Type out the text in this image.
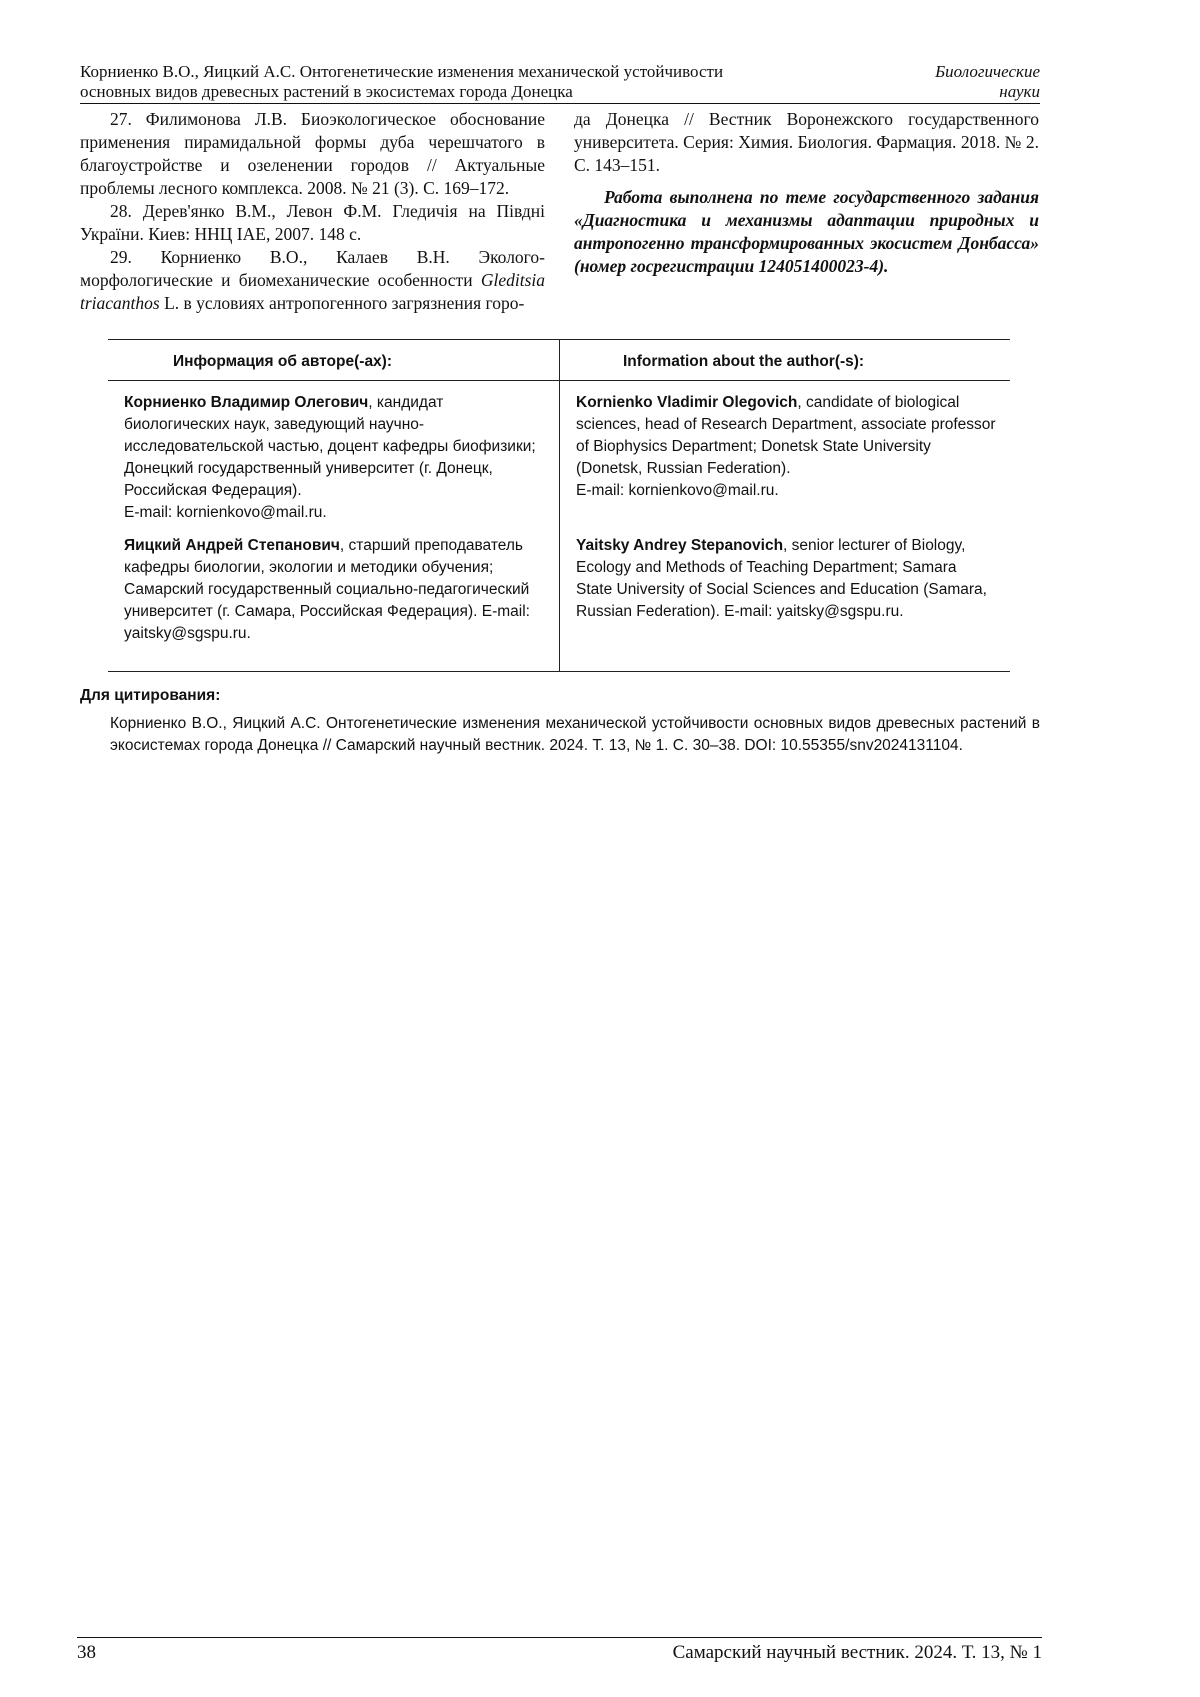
Корниенко В.О., Яицкий А.С. Онтогенетические изменения механической устойчивости
основных видов древесных растений в экосистемах города Донецка
Биологические
науки

27. Филимонова Л.В. Биоэкологическое обоснование применения пирамидальной формы дуба черешчатого в благоустройстве и озеленении городов // Актуальные проблемы лесного комплекса. 2008. № 21 (3). С. 169–172.

28. Дерев'янко В.М., Левон Ф.М. Гледичія на Півдні України. Киев: ННЦ ІАЕ, 2007. 148 с.

29. Корниенко В.О., Калаев В.Н. Эколого-морфологические и биомеханические особенности Gleditsia triacanthos L. в условиях антропогенного загрязнения горо-

да Донецка // Вестник Воронежского государственного университета. Серия: Химия. Биология. Фармация. 2018. № 2. С. 143–151.

Работа выполнена по теме государственного задания «Диагностика и механизмы адаптации природных и антропогенно трансформированных экосистем Донбасса» (номер госрегистрации 124051400023-4).

Информация об авторе(-ах):	Information about the author(-s):

Корниенко Владимир Олегович, кандидат биологических наук, заведующий научно-исследовательской частью, доцент кафедры биофизики; Донецкий государственный университет (г. Донецк, Российская Федерация).

E-mail: kornienkovo@mail.ru.

Kornienko Vladimir Olegovich, candidate of biological sciences, head of Research Department, associate professor of Biophysics Department; Donetsk State University (Donetsk, Russian Federation).

E-mail: kornienkovo@mail.ru.

Яицкий Андрей Степанович, старший преподаватель кафедры биологии, экологии и методики обучения; Самарский государственный социально-педагогический университет (г. Самара, Российская Федерация). E-mail: yaitsky@sgspu.ru.

Yaitsky Andrey Stepanovich, senior lecturer of Biology, Ecology and Methods of Teaching Department; Samara State University of Social Sciences and Education (Samara, Russian Federation). E-mail: yaitsky@sgspu.ru.

Для цитирования:

Корниенко В.О., Яицкий А.С. Онтогенетические изменения механической устойчивости основных видов древесных растений в экосистемах города Донецка // Самарский научный вестник. 2024. Т. 13, № 1. С. 30–38. DOI: 10.55355/snv2024131104.

38	Самарский научный вестник. 2024. Т. 13, № 1
